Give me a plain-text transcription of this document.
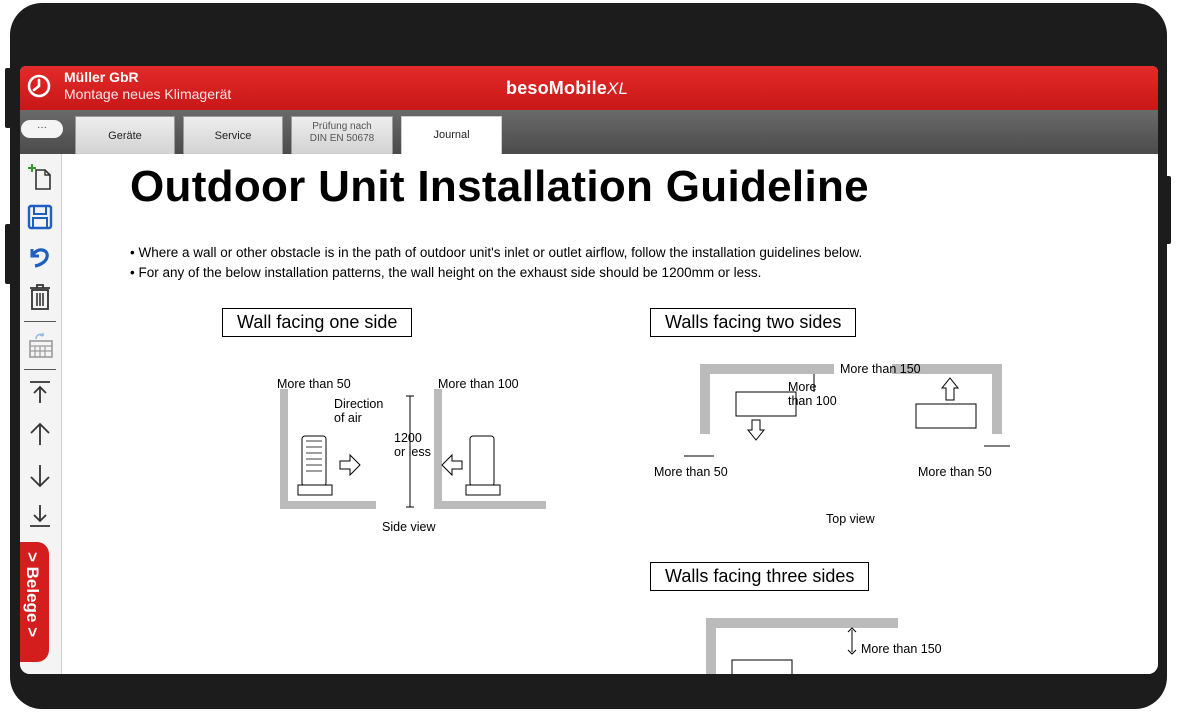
Müller GbR
Montage neues Klimagerät	besoMobileXL
···
Geräte	Service
Prüfung nach
DIN EN 50678	Journal
> Belege >
Outdoor Unit Installation Guideline
• Where a wall or other obstacle is in the path of outdoor unit's inlet or outlet airflow, follow the installation guidelines below.
• For any of the below installation patterns, the wall height on the exhaust side should be 1200mm or less.
Wall facing one side
More than 50	More than 100
Direction
of air
1200
or less
Side view
Walls facing two sides
More
than 100
More than 150
More than 50	More than 50
Top view
Walls facing three sides
More than 150
